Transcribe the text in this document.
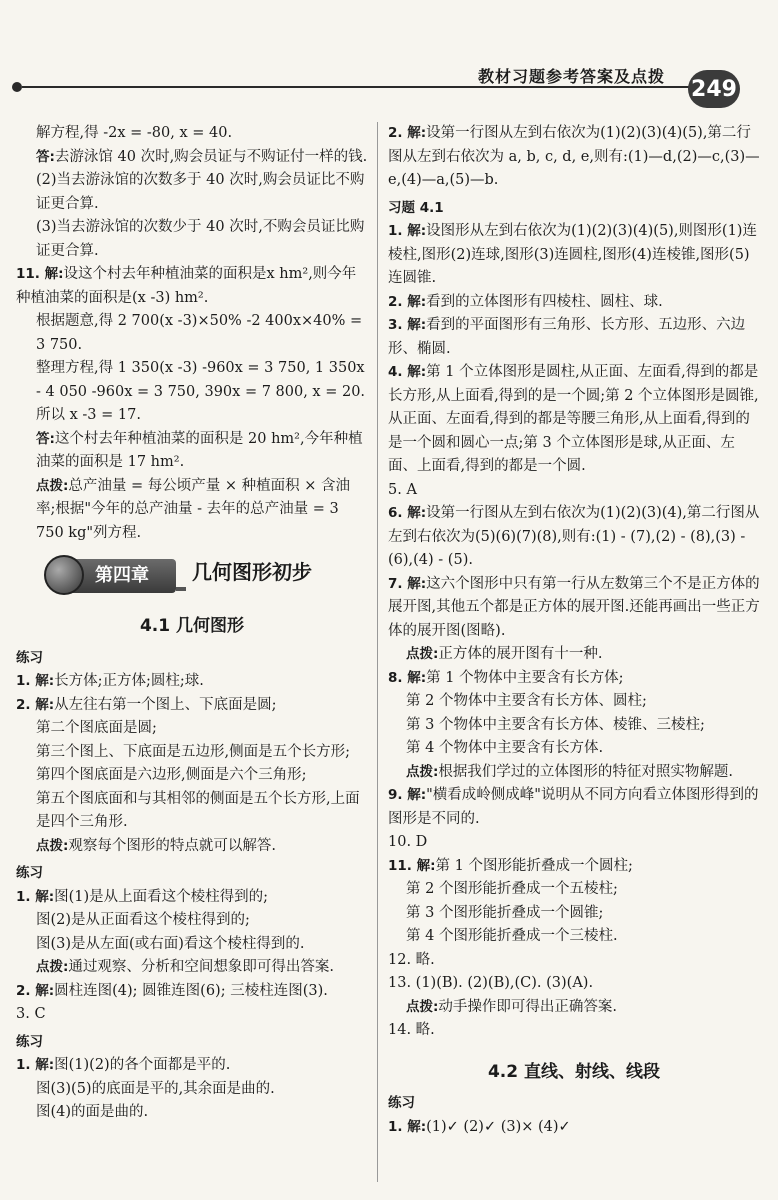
教材习题参考答案及点拨 249

解方程,得 -2x = -80, x = 40.

答:去游泳馆 40 次时,购会员证与不购证付一样的钱.

(2)当去游泳馆的次数多于 40 次时,购会员证比不购证更合算.

(3)当去游泳馆的次数少于 40 次时,不购会员证比购证更合算.

11. 解:设这个村去年种植油菜的面积是x hm²,则今年种植油菜的面积是(x -3) hm².

根据题意,得 2 700(x -3)×50% -2 400x×40% = 3 750.

整理方程,得 1 350(x -3) -960x = 3 750, 1 350x - 4 050 -960x = 3 750, 390x = 7 800, x = 20. 所以 x -3 = 17.

答:这个村去年种植油菜的面积是 20 hm²,今年种植油菜的面积是 17 hm².

点拨:总产油量 = 每公顷产量 × 种植面积 × 含油率;根据"今年的总产油量 - 去年的总产油量 = 3 750 kg"列方程.

第四章	几何图形初步
4.1 几何图形

练习

1. 解:长方体;正方体;圆柱;球.

2. 解:从左往右第一个图上、下底面是圆;

第二个图底面是圆;

第三个图上、下底面是五边形,侧面是五个长方形;

第四个图底面是六边形,侧面是六个三角形;

第五个图底面和与其相邻的侧面是五个长方形,上面是四个三角形.

点拨:观察每个图形的特点就可以解答.

练习

1. 解:图(1)是从上面看这个棱柱得到的;

图(2)是从正面看这个棱柱得到的;

图(3)是从左面(或右面)看这个棱柱得到的.

点拨:通过观察、分析和空间想象即可得出答案.

2. 解:圆柱连图(4); 圆锥连图(6); 三棱柱连图(3).

3. C

练习

1. 解:图(1)(2)的各个面都是平的.

图(3)(5)的底面是平的,其余面是曲的.

图(4)的面是曲的.

2. 解:设第一行图从左到右依次为(1)(2)(3)(4)(5),第二行图从左到右依次为 a, b, c, d, e,则有:(1)—d,(2)—c,(3)—e,(4)—a,(5)—b.

习题 4.1

1. 解:设图形从左到右依次为(1)(2)(3)(4)(5),则图形(1)连棱柱,图形(2)连球,图形(3)连圆柱,图形(4)连棱锥,图形(5)连圆锥.

2. 解:看到的立体图形有四棱柱、圆柱、球.

3. 解:看到的平面图形有三角形、长方形、五边形、六边形、椭圆.

4. 解:第 1 个立体图形是圆柱,从正面、左面看,得到的都是长方形,从上面看,得到的是一个圆;第 2 个立体图形是圆锥,从正面、左面看,得到的都是等腰三角形,从上面看,得到的是一个圆和圆心一点;第 3 个立体图形是球,从正面、左面、上面看,得到的都是一个圆.

5. A

6. 解:设第一行图从左到右依次为(1)(2)(3)(4),第二行图从左到右依次为(5)(6)(7)(8),则有:(1) - (7),(2) - (8),(3) - (6),(4) - (5).

7. 解:这六个图形中只有第一行从左数第三个不是正方体的展开图,其他五个都是正方体的展开图.还能再画出一些正方体的展开图(图略).

点拨:正方体的展开图有十一种.

8. 解:第 1 个物体中主要含有长方体;

第 2 个物体中主要含有长方体、圆柱;

第 3 个物体中主要含有长方体、棱锥、三棱柱;

第 4 个物体中主要含有长方体.

点拨:根据我们学过的立体图形的特征对照实物解题.

9. 解:"横看成岭侧成峰"说明从不同方向看立体图形得到的图形是不同的.

10. D

11. 解:第 1 个图形能折叠成一个圆柱;

第 2 个图形能折叠成一个五棱柱;

第 3 个图形能折叠成一个圆锥;

第 4 个图形能折叠成一个三棱柱.

12. 略.

13. (1)(B). (2)(B),(C). (3)(A).

点拨:动手操作即可得出正确答案.

14. 略.

4.2 直线、射线、线段

练习

1. 解:(1)✓ (2)✓ (3)× (4)✓
